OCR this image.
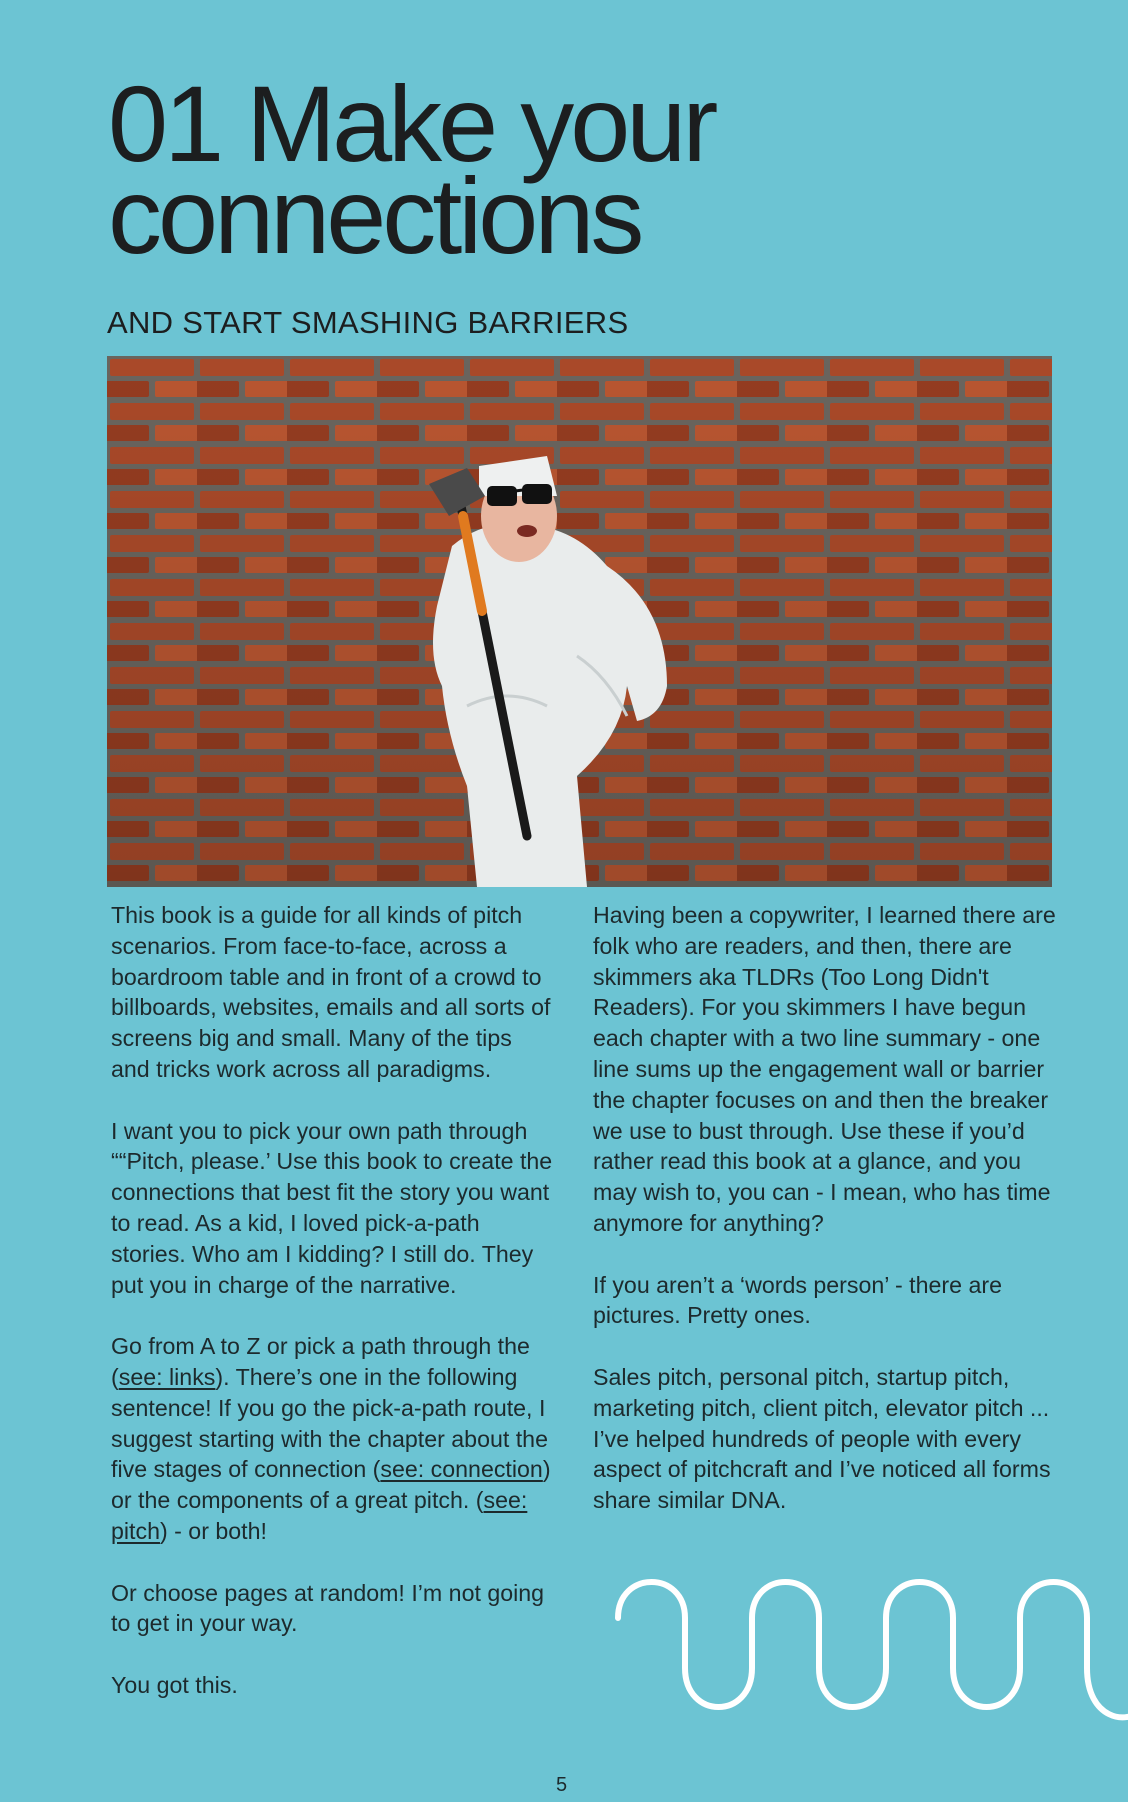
01 Make your
connections
AND START SMASHING BARRIERS

This book is a guide for all kinds of pitch scenarios. From face-to-face, across a boardroom table and in front of a crowd to billboards, websites, emails and all sorts of screens big and small. Many of the tips and tricks work across all paradigms.

I want you to pick your own path through ““Pitch, please.’ Use this book to create the connections that best fit the story you want to read. As a kid, I loved pick-a-path stories. Who am I kidding? I still do. They put you in charge of the narrative.

Go from A to Z or pick a path through the (see: links). There’s one in the following sentence! If you go the pick-a-path route, I suggest starting with the chapter about the five stages of connection (see: connection) or the components of a great pitch. (see: pitch) - or both!

Or choose pages at random! I’m not going to get in your way.

You got this.

Having been a copywriter, I learned there are folk who are readers, and then, there are skimmers aka TLDRs (Too Long Didn't Readers). For you skimmers I have begun each chapter with a two line summary - one line sums up the engagement wall or barrier the chapter focuses on and then the breaker we use to bust through. Use these if you’d rather read this book at a glance, and you may wish to, you can - I mean, who has time anymore for anything?

If you aren’t a ‘words person’ - there are pictures. Pretty ones.

Sales pitch, personal pitch, startup pitch, marketing pitch, client pitch, elevator pitch ... I’ve helped hundreds of people with every aspect of pitchcraft and I’ve noticed all forms share similar DNA.

5
